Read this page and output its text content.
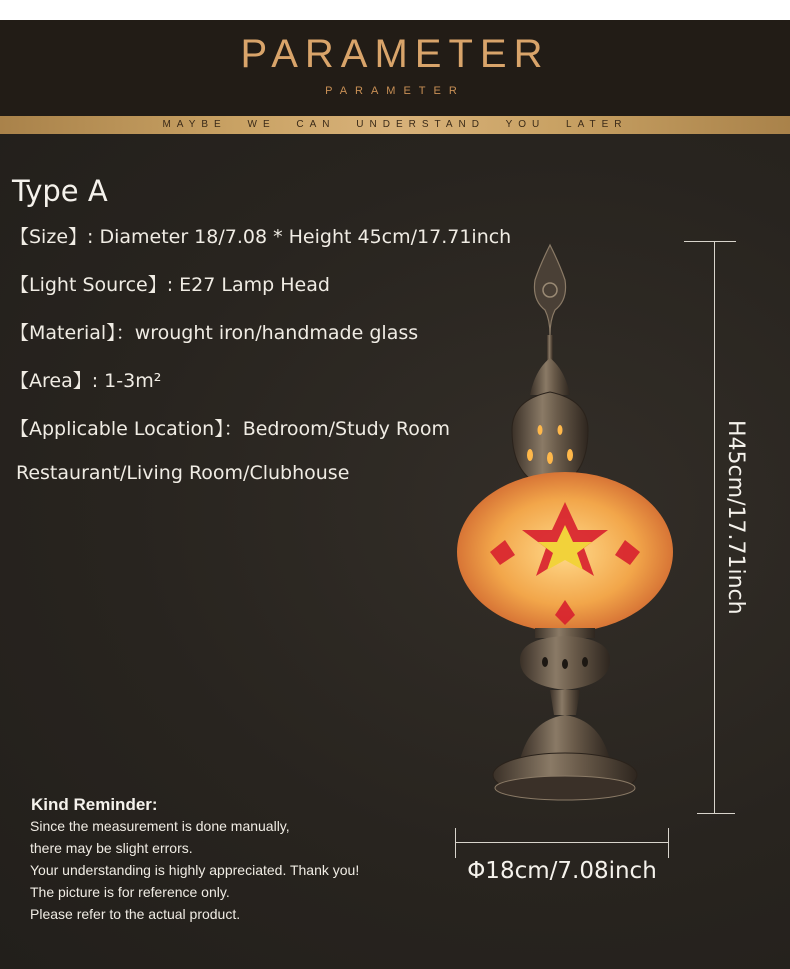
PARAMETER
PARAMETER
MAYBE WE CAN UNDERSTAND YOU LATER
Type A
【Size】: Diameter 18/7.08 * Height 45cm/17.71inch
【Light Source】: E27 Lamp Head
【Material】：wrought iron/handmade glass
【Area】: 1-3m²
【Applicable Location】：Bedroom/Study Room
Restaurant/Living Room/Clubhouse	H45cm/17.71inch
Φ18cm/7.08inch
Kind Reminder:
Since the measurement is done manually,
there may be slight errors.
Your understanding is highly appreciated. Thank you!
The picture is for reference only.
Please refer to the actual product.
